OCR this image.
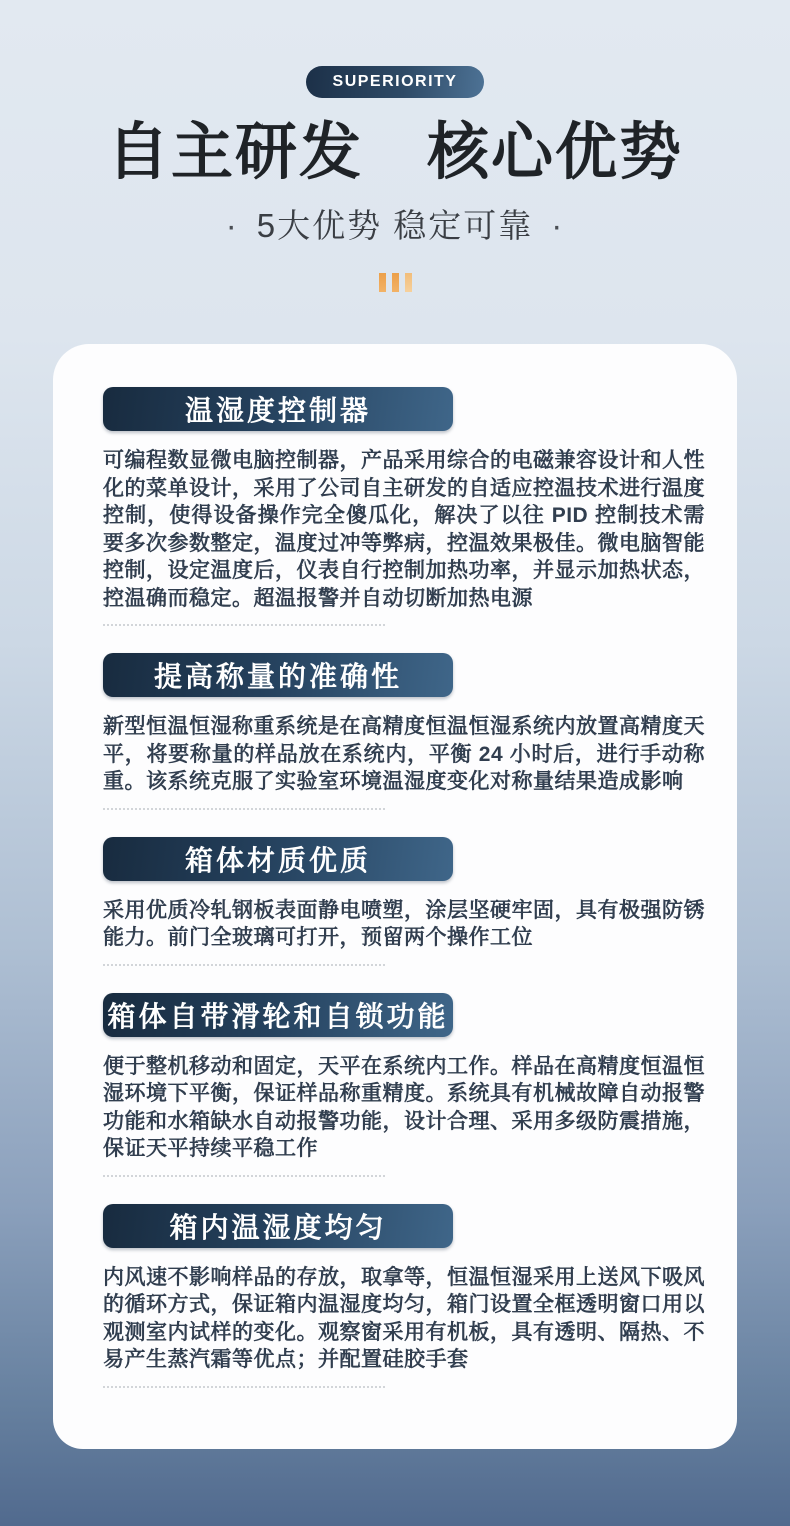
SUPERIORITY
自主研发　核心优势
· 5大优势 稳定可靠 ·
温湿度控制器

可编程数显微电脑控制器，产品采用综合的电磁兼容设计和人性化的菜单设计，采用了公司自主研发的自适应控温技术进行温度控制，使得设备操作完全傻瓜化，解决了以往 PID 控制技术需要多次参数整定，温度过冲等弊病，控温效果极佳。微电脑智能控制，设定温度后，仪表自行控制加热功率，并显示加热状态，控温确而稳定。超温报警并自动切断加热电源

提高称量的准确性

新型恒温恒湿称重系统是在高精度恒温恒湿系统内放置高精度天平，将要称量的样品放在系统内，平衡 24 小时后，进行手动称重。该系统克服了实验室环境温湿度变化对称量结果造成影响

箱体材质优质

采用优质冷轧钢板表面静电喷塑，涂层坚硬牢固，具有极强防锈能力。前门全玻璃可打开，预留两个操作工位

箱体自带滑轮和自锁功能

便于整机移动和固定，天平在系统内工作。样品在高精度恒温恒湿环境下平衡，保证样品称重精度。系统具有机械故障自动报警功能和水箱缺水自动报警功能，设计合理、采用多级防震措施，保证天平持续平稳工作

箱内温湿度均匀

内风速不影响样品的存放，取拿等，恒温恒湿采用上送风下吸风的循环方式，保证箱内温湿度均匀，箱门设置全框透明窗口用以观测室内试样的变化。观察窗采用有机板，具有透明、隔热、不易产生蒸汽霜等优点；并配置硅胶手套
